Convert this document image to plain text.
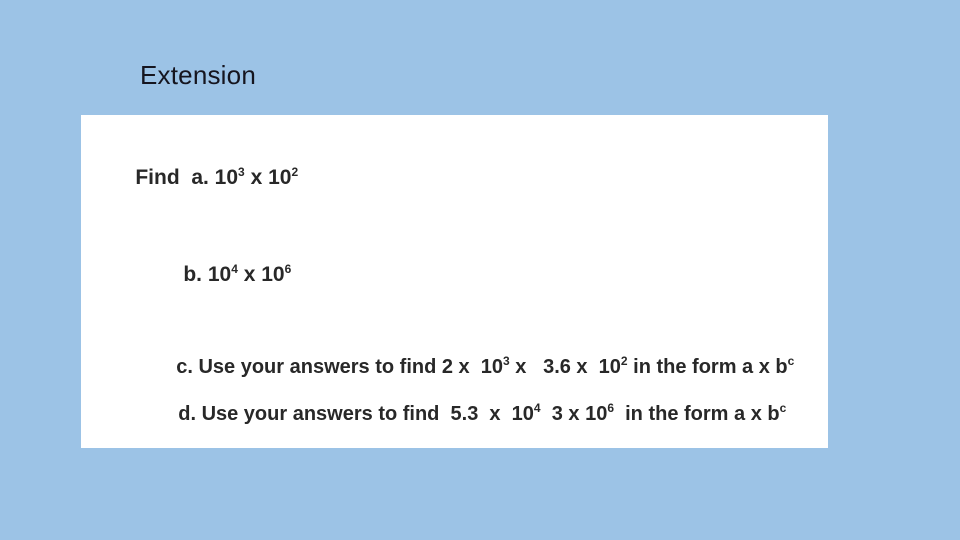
Extension

Find  a. $10^3$ x $10^2$

b. $10^4$ x $10^6$

c. Use your answers to find 2 x  $10^3$ x   3.6 x  $10^2$ in the form a x $b^c$

d. Use your answers to find  5.3  x  $10^4$  3 x $10^6$  in the form a x $b^c$
